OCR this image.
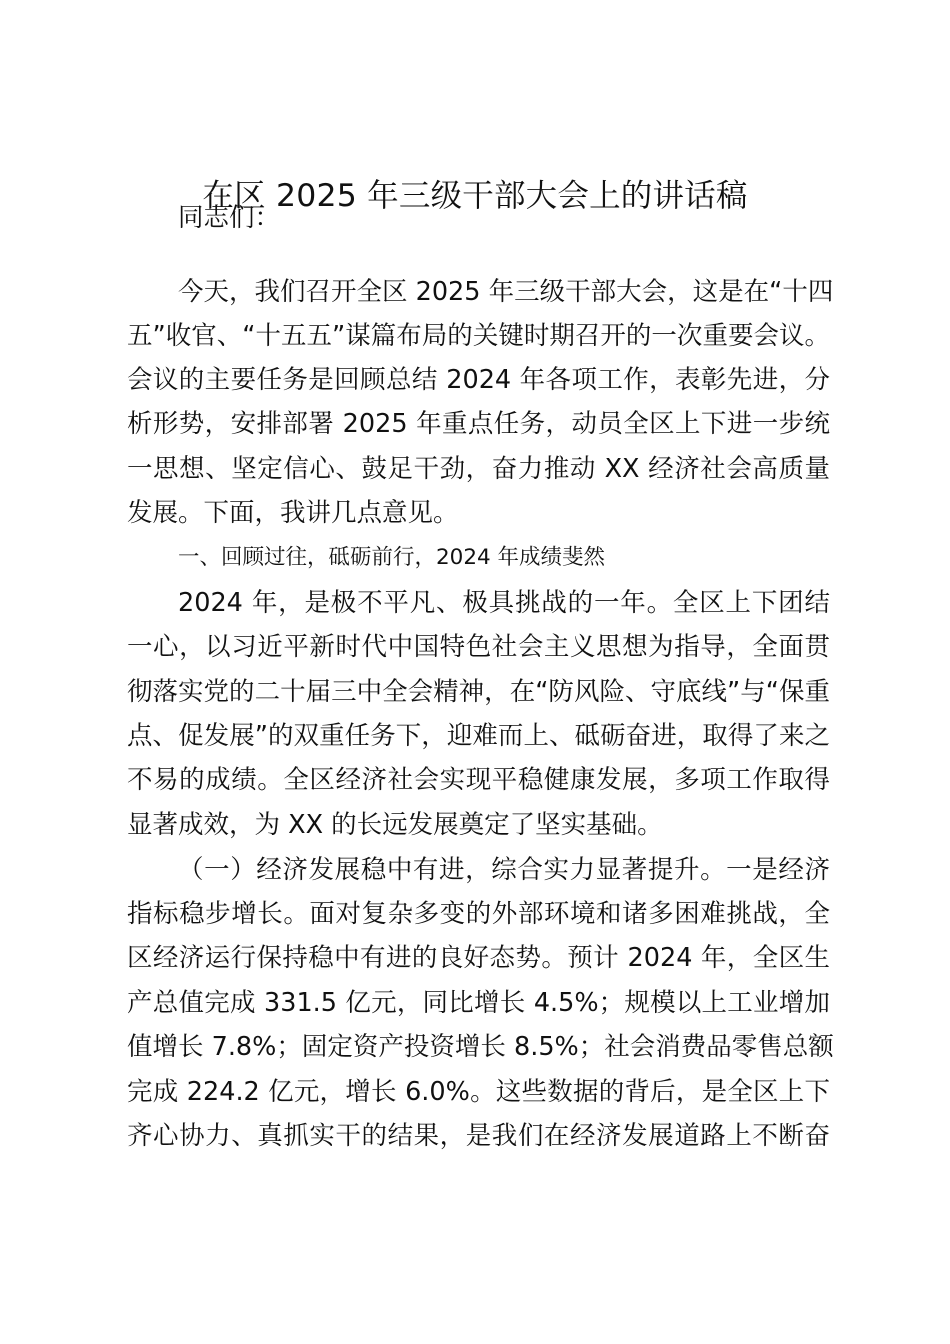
在区 2025 年三级干部大会上的讲话稿
同志们：
今天，我们召开全区 2025 年三级干部大会，这是在“十四
五”收官、“十五五”谋篇布局的关键时期召开的一次重要会议。
会议的主要任务是回顾总结 2024 年各项工作，表彰先进，分
析形势，安排部署 2025 年重点任务，动员全区上下进一步统
一思想、坚定信心、鼓足干劲，奋力推动 XX 经济社会高质量
发展。下面，我讲几点意见。
一、回顾过往，砥砺前行，2024 年成绩斐然
2024 年，是极不平凡、极具挑战的一年。全区上下团结
一心，以习近平新时代中国特色社会主义思想为指导，全面贯
彻落实党的二十届三中全会精神，在“防风险、守底线”与“保重
点、促发展”的双重任务下，迎难而上、砥砺奋进，取得了来之
不易的成绩。全区经济社会实现平稳健康发展，多项工作取得
显著成效，为 XX 的长远发展奠定了坚实基础。
（一）经济发展稳中有进，综合实力显著提升。一是经济
指标稳步增长。面对复杂多变的外部环境和诸多困难挑战，全
区经济运行保持稳中有进的良好态势。预计 2024 年，全区生
产总值完成 331.5 亿元，同比增长 4.5%；规模以上工业增加
值增长 7.8%；固定资产投资增长 8.5%；社会消费品零售总额
完成 224.2 亿元，增长 6.0%。这些数据的背后，是全区上下
齐心协力、真抓实干的结果，是我们在经济发展道路上不断奋
